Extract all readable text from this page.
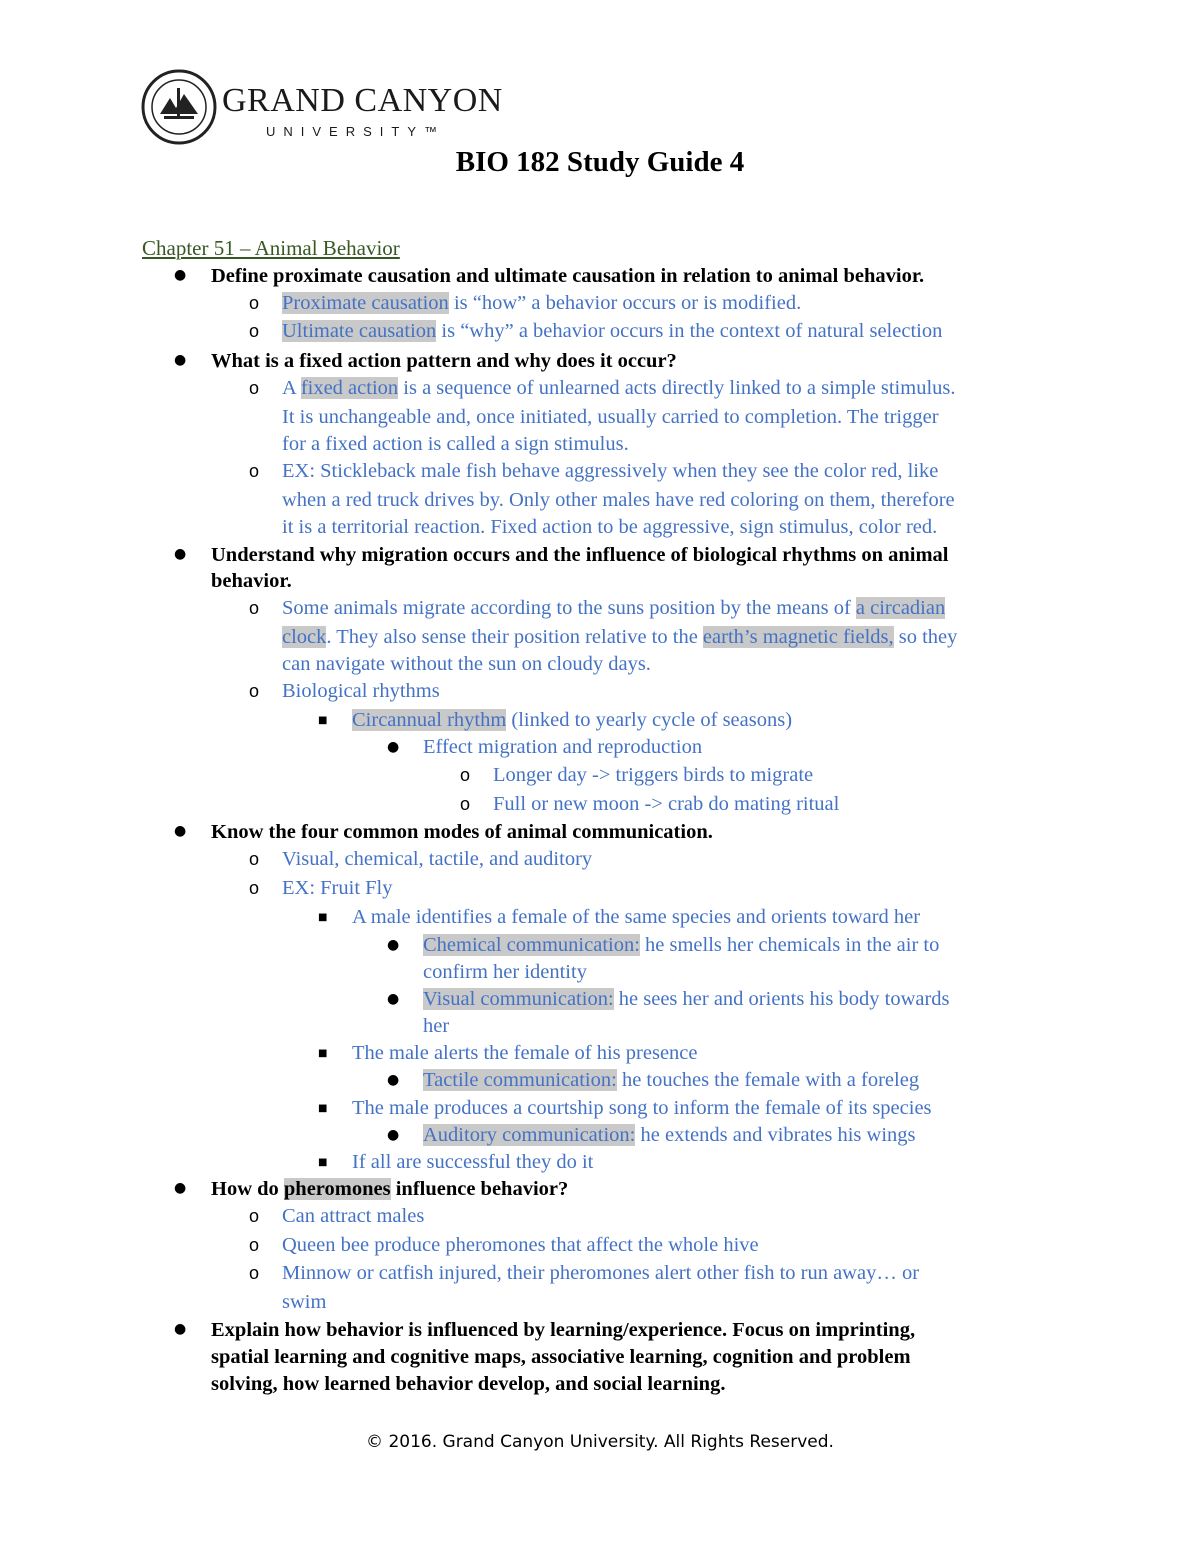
GRAND CANYON
UNIVERSITY™
BIO 182 Study Guide 4
Chapter 51 – Animal Behavior
● Define proximate causation and ultimate causation in relation to animal behavior.
o Proximate causation is “how” a behavior occurs or is modified.
o Ultimate causation is “why” a behavior occurs in the context of natural selection
● What is a fixed action pattern and why does it occur?
o A fixed action is a sequence of unlearned acts directly linked to a simple stimulus.
It is unchangeable and, once initiated, usually carried to completion. The trigger
for a fixed action is called a sign stimulus.
o EX: Stickleback male fish behave aggressively when they see the color red, like
when a red truck drives by. Only other males have red coloring on them, therefore
it is a territorial reaction. Fixed action to be aggressive, sign stimulus, color red.
● Understand why migration occurs and the influence of biological rhythms on animal
behavior.
o Some animals migrate according to the suns position by the means of a circadian
clock. They also sense their position relative to the earth’s magnetic fields, so they
can navigate without the sun on cloudy days.
o Biological rhythms
■ Circannual rhythm (linked to yearly cycle of seasons)
● Effect migration and reproduction
o Longer day -> triggers birds to migrate
o Full or new moon -> crab do mating ritual
● Know the four common modes of animal communication.
o Visual, chemical, tactile, and auditory
o EX: Fruit Fly
■ A male identifies a female of the same species and orients toward her
● Chemical communication: he smells her chemicals in the air to
confirm her identity
● Visual communication: he sees her and orients his body towards
her
■ The male alerts the female of his presence
● Tactile communication: he touches the female with a foreleg
■ The male produces a courtship song to inform the female of its species
● Auditory communication: he extends and vibrates his wings
■ If all are successful they do it
● How do pheromones influence behavior?
o Can attract males
o Queen bee produce pheromones that affect the whole hive
o Minnow or catfish injured, their pheromones alert other fish to run away… or
swim
● Explain how behavior is influenced by learning/experience. Focus on imprinting,
spatial learning and cognitive maps, associative learning, cognition and problem
solving, how learned behavior develop, and social learning.
© 2016. Grand Canyon University. All Rights Reserved.
